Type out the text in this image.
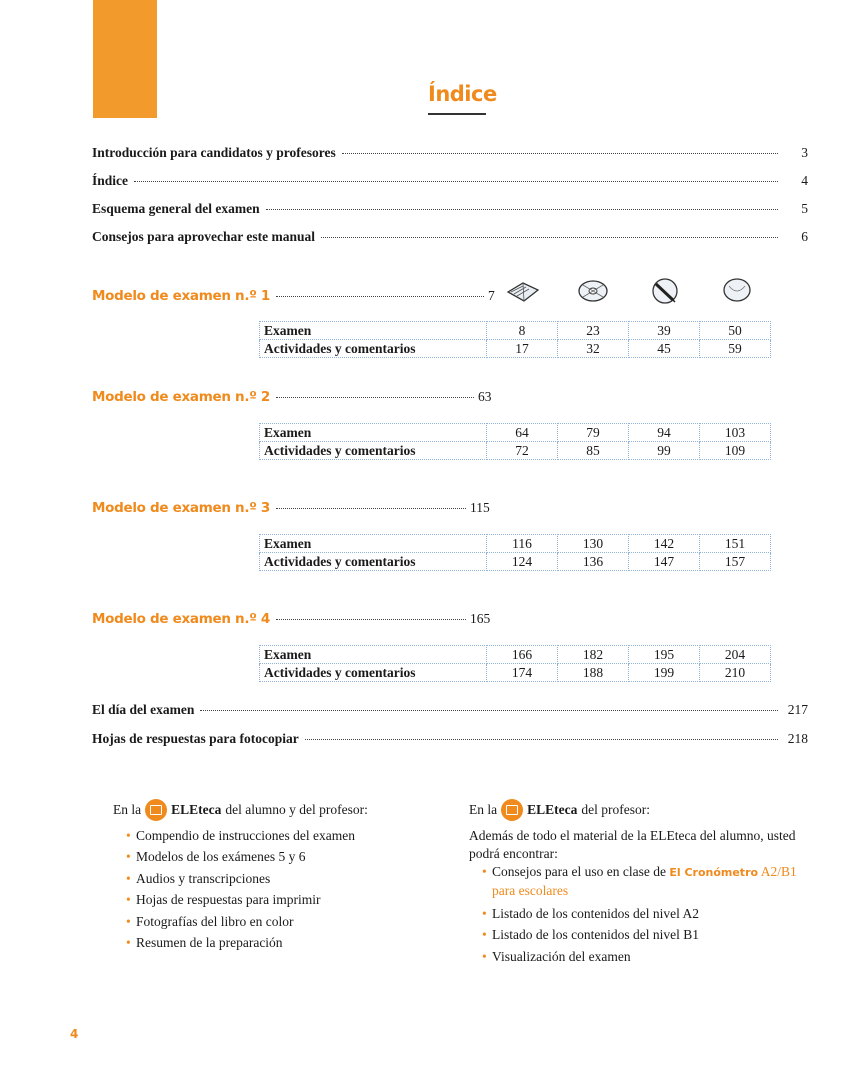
Índice
Introducción para candidatos y profesores	3
Índice	4
Esquema general del examen	5
Consejos para aprovechar este manual	6
Modelo de examen n.º 1	7
Examen	8	23	39	50
Actividades y comentarios	17	32	45	59
Modelo de examen n.º 2	63
Examen	64	79	94	103
Actividades y comentarios	72	85	99	109
Modelo de examen n.º 3	115
Examen	116	130	142	151
Actividades y comentarios	124	136	147	157
Modelo de examen n.º 4	165
Examen	166	182	195	204
Actividades y comentarios	174	188	199	210
El día del examen	217
Hojas de respuestas para fotocopiar	218
En la ELEteca del alumno y del profesor:
• Compendio de instrucciones del examen
• Modelos de los exámenes 5 y 6
• Audios y transcripciones
• Hojas de respuestas para imprimir
• Fotografías del libro en color
• Resumen de la preparación
En la ELEteca del profesor:
Además de todo el material de la ELEteca del alumno, usted podrá encontrar:
• Consejos para el uso en clase de El Cronómetro A2/B1 para escolares
• Listado de los contenidos del nivel A2
• Listado de los contenidos del nivel B1
• Visualización del examen
4
